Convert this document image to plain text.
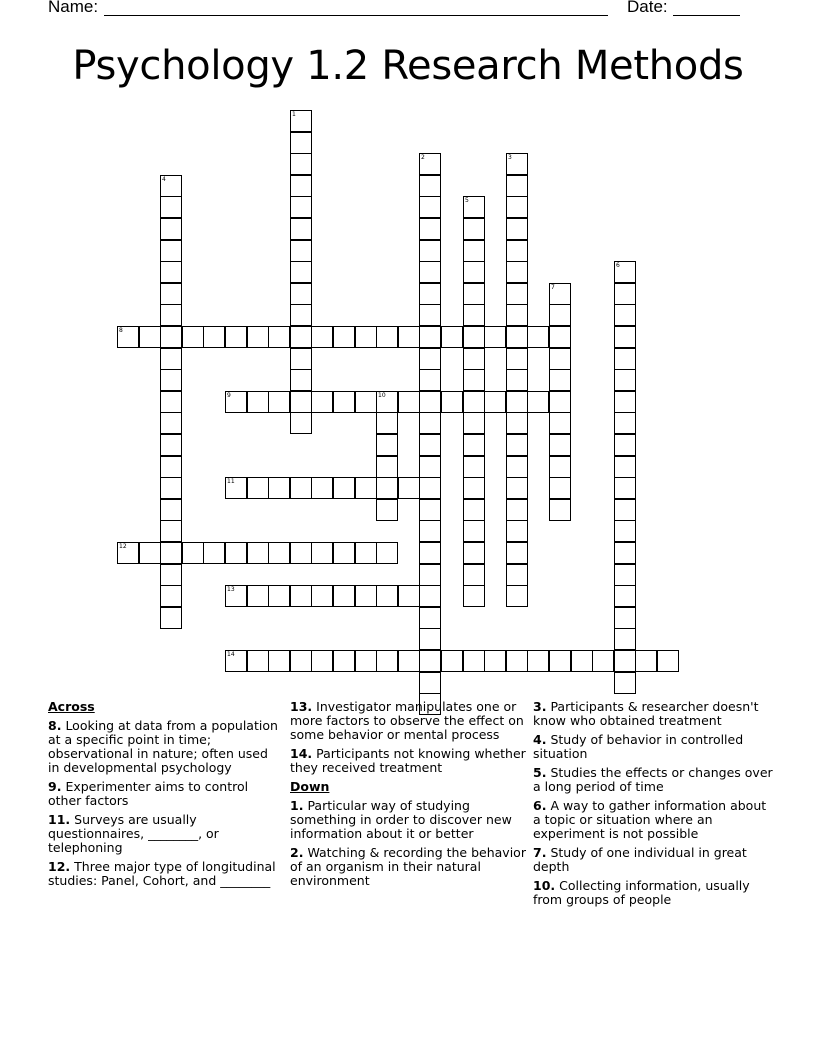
Name:	Date:
Psychology 1.2 Research Methods
1
2	3
4
5
6
7
8
9	10
11
12
13
14
Across
8. Looking at data from a population at a specific point in time; observational in nature; often used in developmental psychology
9. Experimenter aims to control other factors
11. Surveys are usually questionnaires, ________, or telephoning
12. Three major type of longitudinal studies: Panel, Cohort, and ________
13. Investigator manipulates one or more factors to observe the effect on some behavior or mental process
14. Participants not knowing whether they received treatment
Down
1. Particular way of studying something in order to discover new information about it or better
2. Watching & recording the behavior of an organism in their natural environment
3. Participants & researcher doesn't know who obtained treatment
4. Study of behavior in controlled situation
5. Studies the effects or changes over a long period of time
6. A way to gather information about a topic or situation where an experiment is not possible
7. Study of one individual in great depth
10. Collecting information, usually from groups of people
